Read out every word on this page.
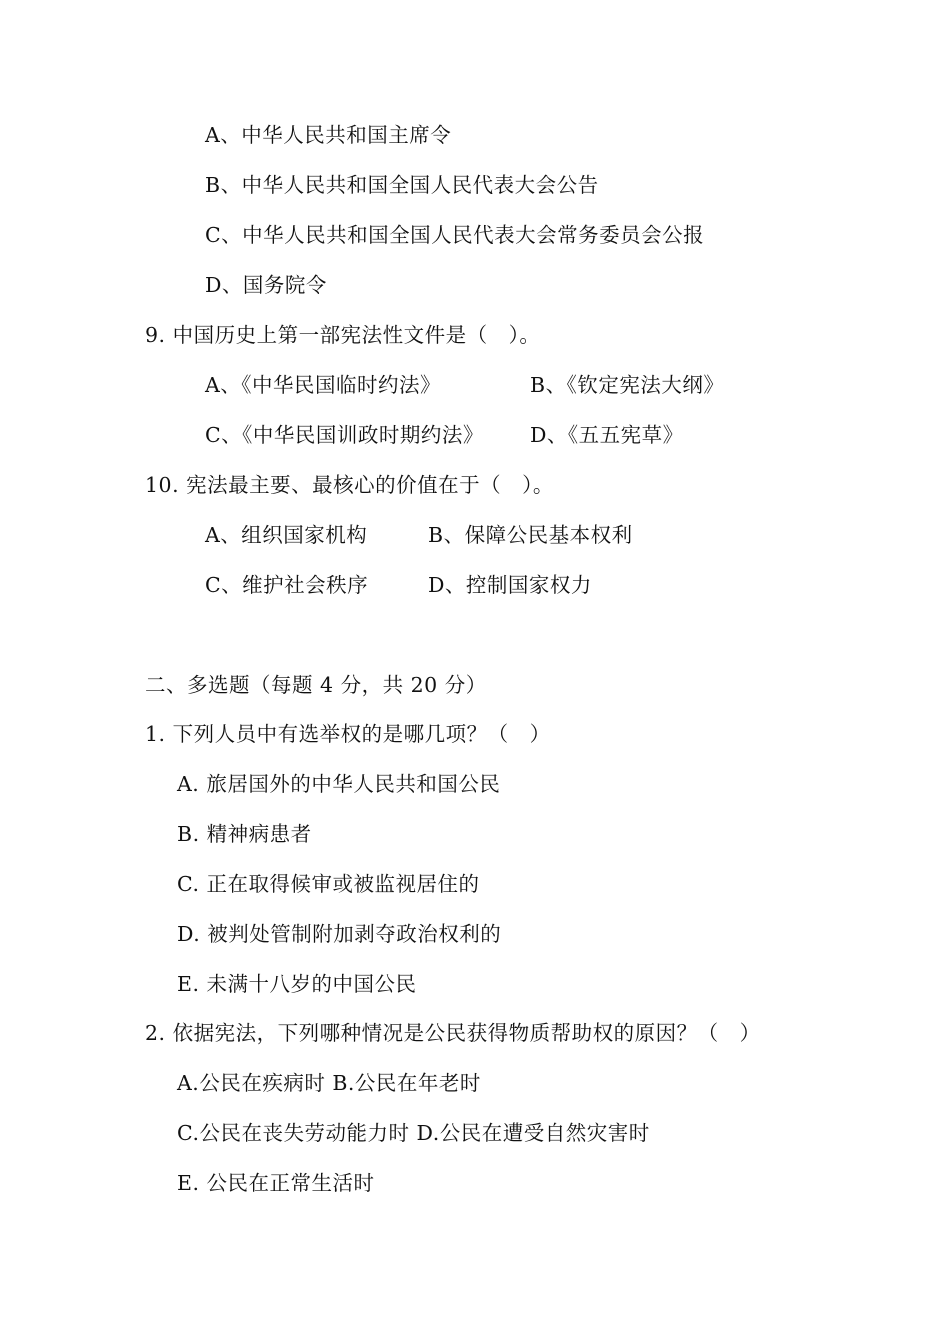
A、中华人民共和国主席令
B、中华人民共和国全国人民代表大会公告
C、中华人民共和国全国人民代表大会常务委员会公报
D、国务院令
9. 中国历史上第一部宪法性文件是（　）。
A、《中华民国临时约法》	B、《钦定宪法大纲》
C、《中华民国训政时期约法》 D、《五五宪草》
10. 宪法最主要、最核心的价值在于（　）。
A、组织国家机构	B、保障公民基本权利
C、维护社会秩序	D、控制国家权力
二、多选题（每题 4 分，共 20 分）
1. 下列人员中有选举权的是哪几项？（　）
A. 旅居国外的中华人民共和国公民
B. 精神病患者
C. 正在取得候审或被监视居住的
D. 被判处管制附加剥夺政治权利的
E. 未满十八岁的中国公民
2. 依据宪法，下列哪种情况是公民获得物质帮助权的原因？（　）
A.公民在疾病时 B.公民在年老时
C.公民在丧失劳动能力时 D.公民在遭受自然灾害时
E. 公民在正常生活时
